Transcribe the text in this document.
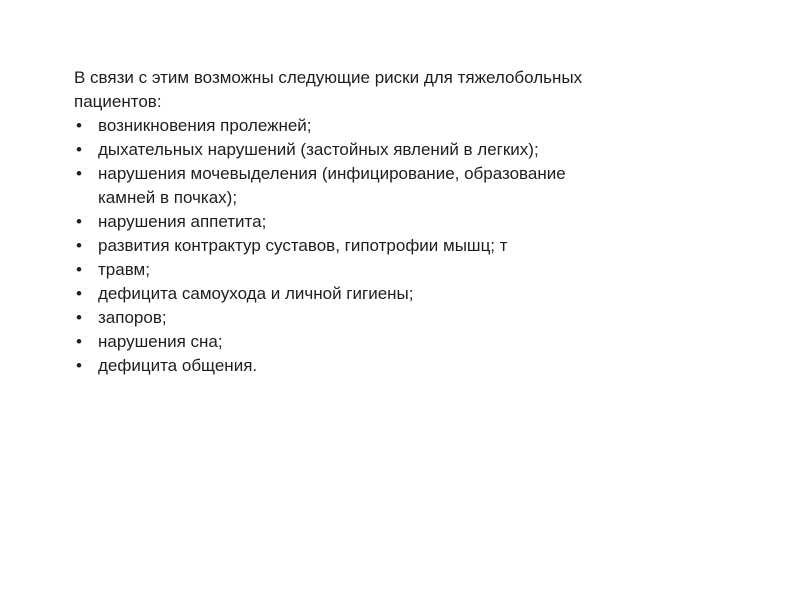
В связи с этим возможны следующие риски для тяжелобольных
пациентов:

• возникновения пролежней;
• дыхательных нарушений (застойных явлений в легких);
• нарушения мочевыделения (инфицирование, образование
камней в почках);
• нарушения аппетита;
• развития контрактур суставов, гипотрофии мышц; т
• травм;
• дефицита самоухода и личной гигиены;
• запоров;
• нарушения сна;
• дефицита общения.
